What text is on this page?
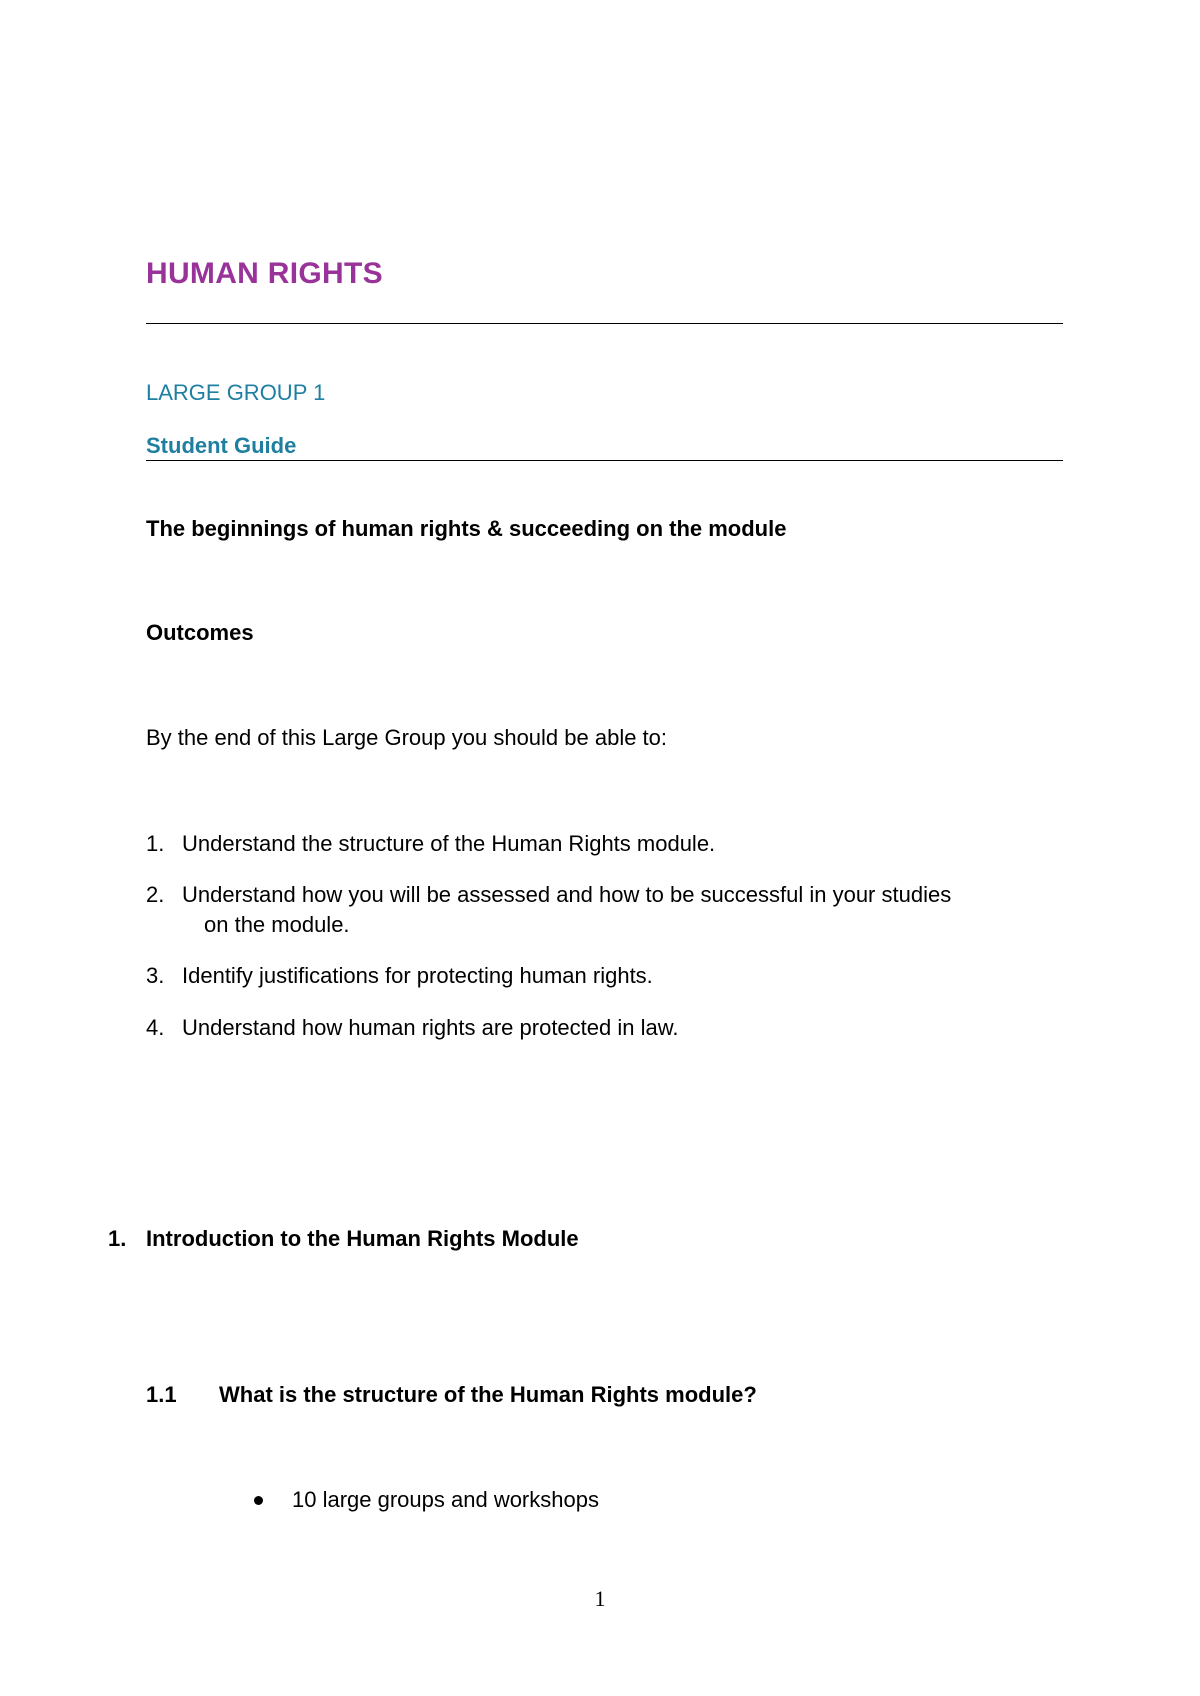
HUMAN RIGHTS
LARGE GROUP 1
Student Guide
The beginnings of human rights & succeeding on the module
Outcomes
By the end of this Large Group you should be able to:
1. Understand the structure of the Human Rights module.
2. Understand how you will be assessed and how to be successful in your studies
on the module.
3. Identify justifications for protecting human rights.
4. Understand how human rights are protected in law.
1. Introduction to the Human Rights Module
1.1 What is the structure of the Human Rights module?
10 large groups and workshops
1
